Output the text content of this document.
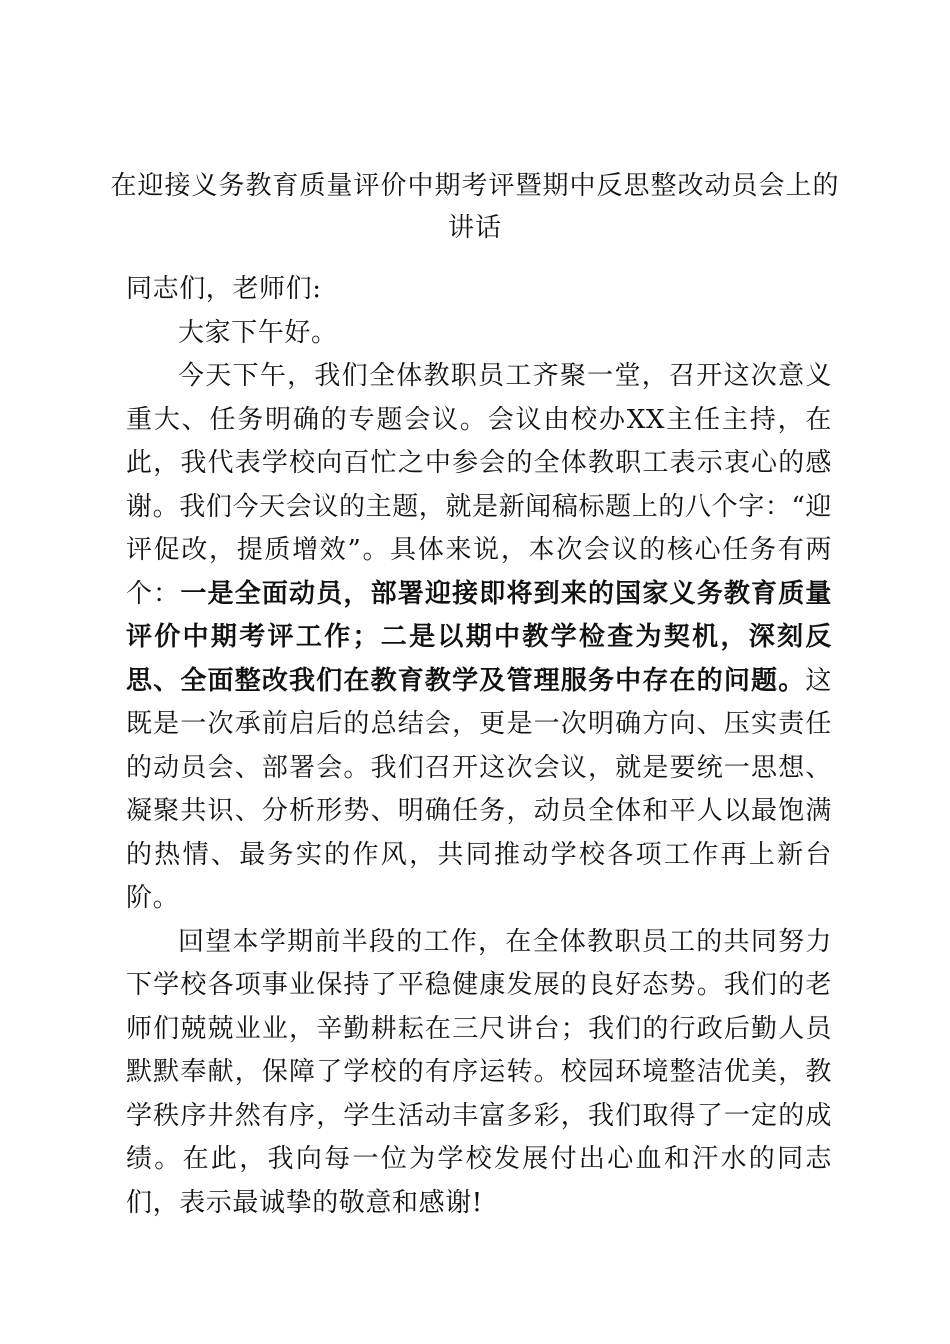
在迎接义务教育质量评价中期考评暨期中反思整改动员会上的
讲话

同志们，老师们:

大家下午好。

今天下午，我们全体教职员工齐聚一堂，召开这次意义重大、任务明确的专题会议。会议由校办XX主任主持，在此，我代表学校向百忙之中参会的全体教职工表示衷心的感谢。我们今天会议的主题，就是新闻稿标题上的八个字：“迎评促改，提质增效”。具体来说，本次会议的核心任务有两个：一是全面动员，部署迎接即将到来的国家义务教育质量评价中期考评工作；二是以期中教学检查为契机，深刻反思、全面整改我们在教育教学及管理服务中存在的问题。这既是一次承前启后的总结会，更是一次明确方向、压实责任的动员会、部署会。我们召开这次会议，就是要统一思想、凝聚共识、分析形势、明确任务，动员全体和平人以最饱满的热情、最务实的作风，共同推动学校各项工作再上新台阶。

回望本学期前半段的工作，在全体教职员工的共同努力下学校各项事业保持了平稳健康发展的良好态势。我们的老师们兢兢业业，辛勤耕耘在三尺讲台；我们的行政后勤人员默默奉献，保障了学校的有序运转。校园环境整洁优美，教学秩序井然有序，学生活动丰富多彩，我们取得了一定的成绩。在此，我向每一位为学校发展付出心血和汗水的同志们，表示最诚挚的敬意和感谢!
